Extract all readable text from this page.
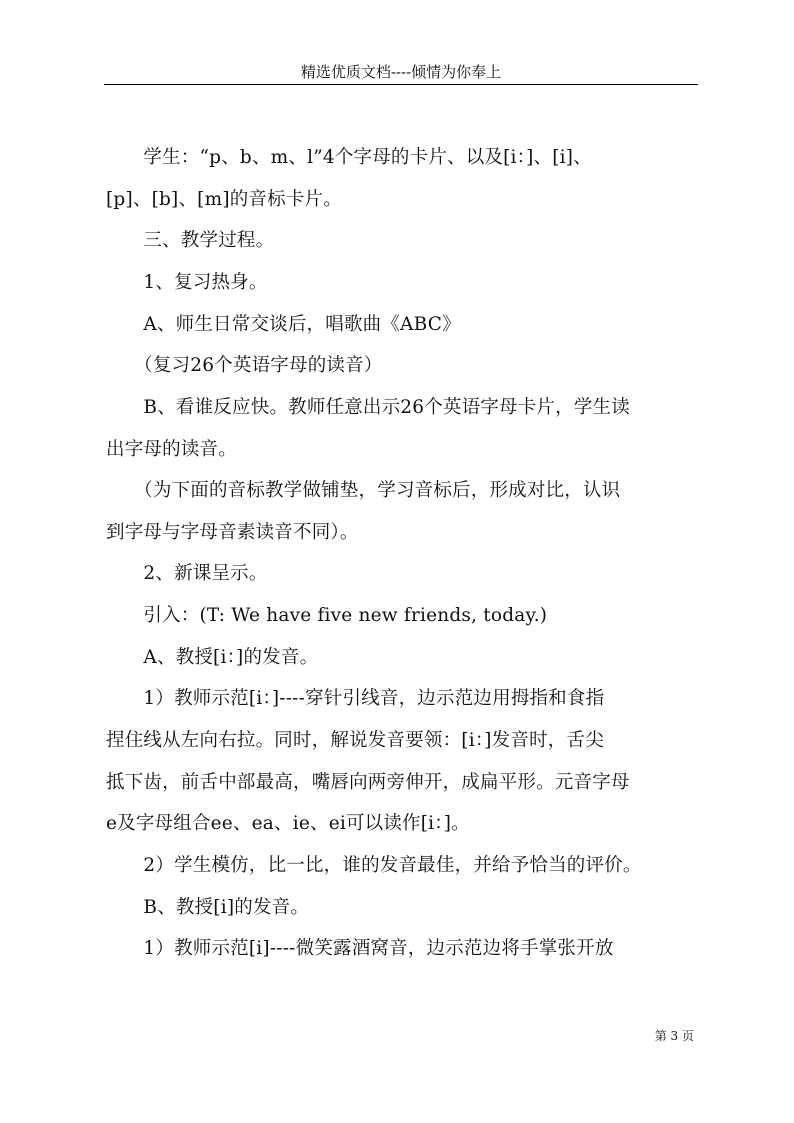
精选优质文档----倾情为你奉上
　　学生：“p、b、m、l”4个字母的卡片、以及[i：]、[i]、
[p]、[b]、[m]的音标卡片。
　　三、教学过程。
　　1、复习热身。
　　A、师生日常交谈后，唱歌曲《ABC》
　　（复习26个英语字母的读音）
　　B、看谁反应快。教师任意出示26个英语字母卡片，学生读
出字母的读音。
　　（为下面的音标教学做铺垫，学习音标后，形成对比，认识
到字母与字母音素读音不同）。
　　2、新课呈示。
　　引入：(T: We have five new friends, today.)
　　A、教授[i：]的发音。
　　1）教师示范[i：]----穿针引线音，边示范边用拇指和食指
捏住线从左向右拉。同时，解说发音要领：[i：]发音时，舌尖
抵下齿，前舌中部最高，嘴唇向两旁伸开，成扁平形。元音字母
e及字母组合ee、ea、ie、ei可以读作[i：]。
　　2）学生模仿，比一比，谁的发音最佳，并给予恰当的评价。
　　B、教授[i]的发音。
　　1）教师示范[i]----微笑露酒窝音，边示范边将手掌张开放
第 3 页
